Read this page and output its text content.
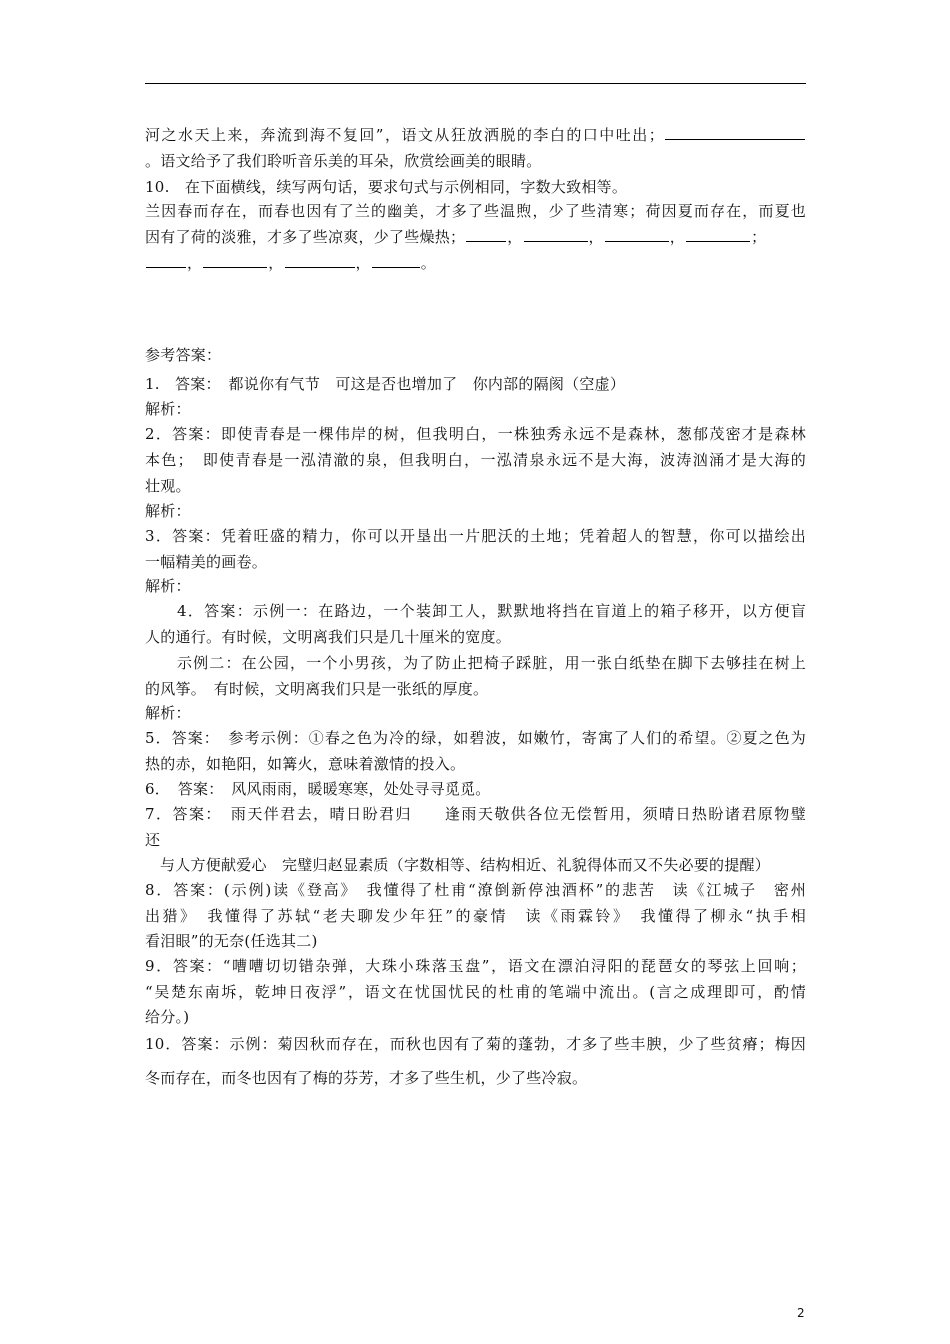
河之水天上来，奔流到海不复回”，语文从狂放洒脱的李白的口中吐出；
。语文给予了我们聆听音乐美的耳朵，欣赏绘画美的眼睛。
10.　在下面横线，续写两句话，要求句式与示例相同，字数大致相等。
兰因春而存在，而春也因有了兰的幽美，才多了些温煦，少了些清寒；荷因夏而存在，而夏也
因有了荷的淡雅，才多了些凉爽，少了些燥热；	，	，	，	；
，	，	，	。
参考答案：
1.　答案：　都说你有气节　可这是否也增加了　你内部的隔阂（空虚）
解析：
2．答案：即使青春是一棵伟岸的树，但我明白，一株独秀永远不是森林，葱郁茂密才是森林
本色；　即使青春是一泓清澈的泉，但我明白，一泓清泉永远不是大海，波涛汹涌才是大海的
壮观。
解析：
3．答案：凭着旺盛的精力，你可以开垦出一片肥沃的土地；凭着超人的智慧，你可以描绘出
一幅精美的画卷。
解析：
4．答案：示例一：在路边，一个装卸工人，默默地将挡在盲道上的箱子移开，以方便盲
人的通行。有时候，文明离我们只是几十厘米的宽度。
示例二：在公园，一个小男孩，为了防止把椅子踩脏，用一张白纸垫在脚下去够挂在树上
的风筝。　有时候，文明离我们只是一张纸的厚度。
解析：
5．答案：　参考示例：①春之色为冷的绿，如碧波，如嫩竹，寄寓了人们的希望。②夏之色为
热的赤，如艳阳，如篝火，意味着激情的投入。
6．　答案：　风风雨雨，暖暖寒寒，处处寻寻觅觅。
7．答案：　雨天伴君去，晴日盼君归　　逢雨天敬供各位无偿暂用，须晴日热盼诸君原物璧
还
与人方便献爱心　完璧归赵显素质（字数相等、结构相近、礼貌得体而又不失必要的提醒）
8．答案：(示例)读《登高》　我懂得了杜甫“潦倒新停浊酒杯”的悲苦　读《江城子　密州
出猎》　我懂得了苏轼“老夫聊发少年狂”的豪情　读《雨霖铃》　我懂得了柳永“执手相
看泪眼”的无奈(任选其二)
9．答案：“嘈嘈切切错杂弹，大珠小珠落玉盘”，语文在漂泊浔阳的琵琶女的琴弦上回响；
“吴楚东南坼，乾坤日夜浮”，语文在忧国忧民的杜甫的笔端中流出。(言之成理即可，酌情
给分。)
10．答案：示例：菊因秋而存在，而秋也因有了菊的蓬勃，才多了些丰腴，少了些贫瘠；梅因
冬而存在，而冬也因有了梅的芬芳，才多了些生机，少了些冷寂。
2
